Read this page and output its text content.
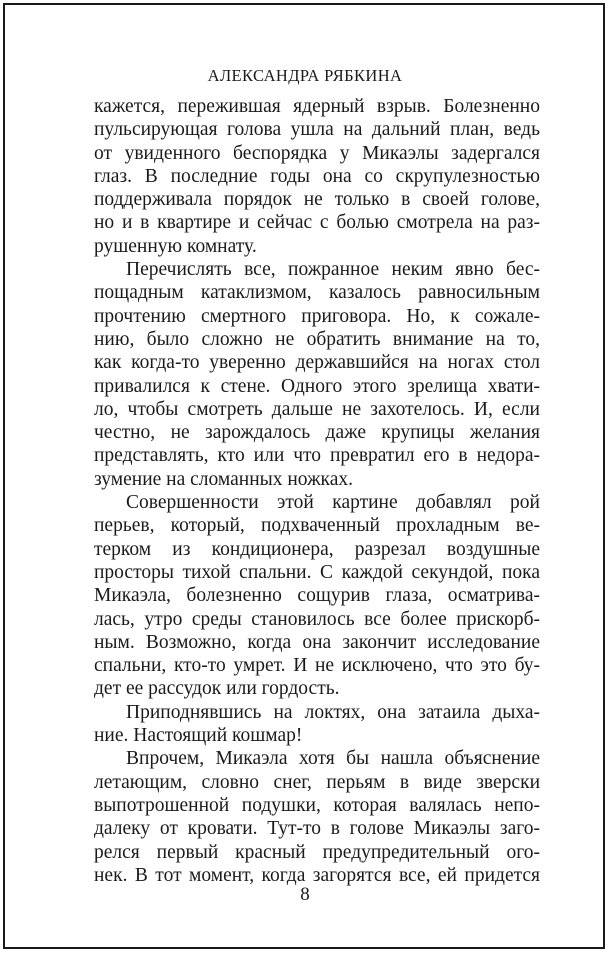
АЛЕКСАНДРА РЯБКИНА
кажется, пережившая ядерный взрыв. Болезненно
пульсирующая голова ушла на дальний план, ведь
от увиденного беспорядка у Микаэлы задергался
глаз. В последние годы она со скрупулезностью
поддерживала порядок не только в своей голове,
но и в квартире и сейчас с болью смотрела на раз-
рушенную комнату.
Перечислять все, пожранное неким явно бес-
пощадным катаклизмом, казалось равносильным
прочтению смертного приговора. Но, к сожале-
нию, было сложно не обратить внимание на то,
как когда-то уверенно державшийся на ногах стол
привалился к стене. Одного этого зрелища хвати-
ло, чтобы смотреть дальше не захотелось. И, если
честно, не зарождалось даже крупицы желания
представлять, кто или что превратил его в недора-
зумение на сломанных ножках.
Совершенности этой картине добавлял рой
перьев, который, подхваченный прохладным ве-
терком из кондиционера, разрезал воздушные
просторы тихой спальни. С каждой секундой, пока
Микаэла, болезненно сощурив глаза, осматрива-
лась, утро среды становилось все более прискорб-
ным. Возможно, когда она закончит исследование
спальни, кто-то умрет. И не исключено, что это бу-
дет ее рассудок или гордость.
Приподнявшись на локтях, она затаила дыха-
ние. Настоящий кошмар!
Впрочем, Микаэла хотя бы нашла объяснение
летающим, словно снег, перьям в виде зверски
выпотрошенной подушки, которая валялась непо-
далеку от кровати. Тут-то в голове Микаэлы заго-
релся первый красный предупредительный ого-
нек. В тот момент, когда загорятся все, ей придется
8
